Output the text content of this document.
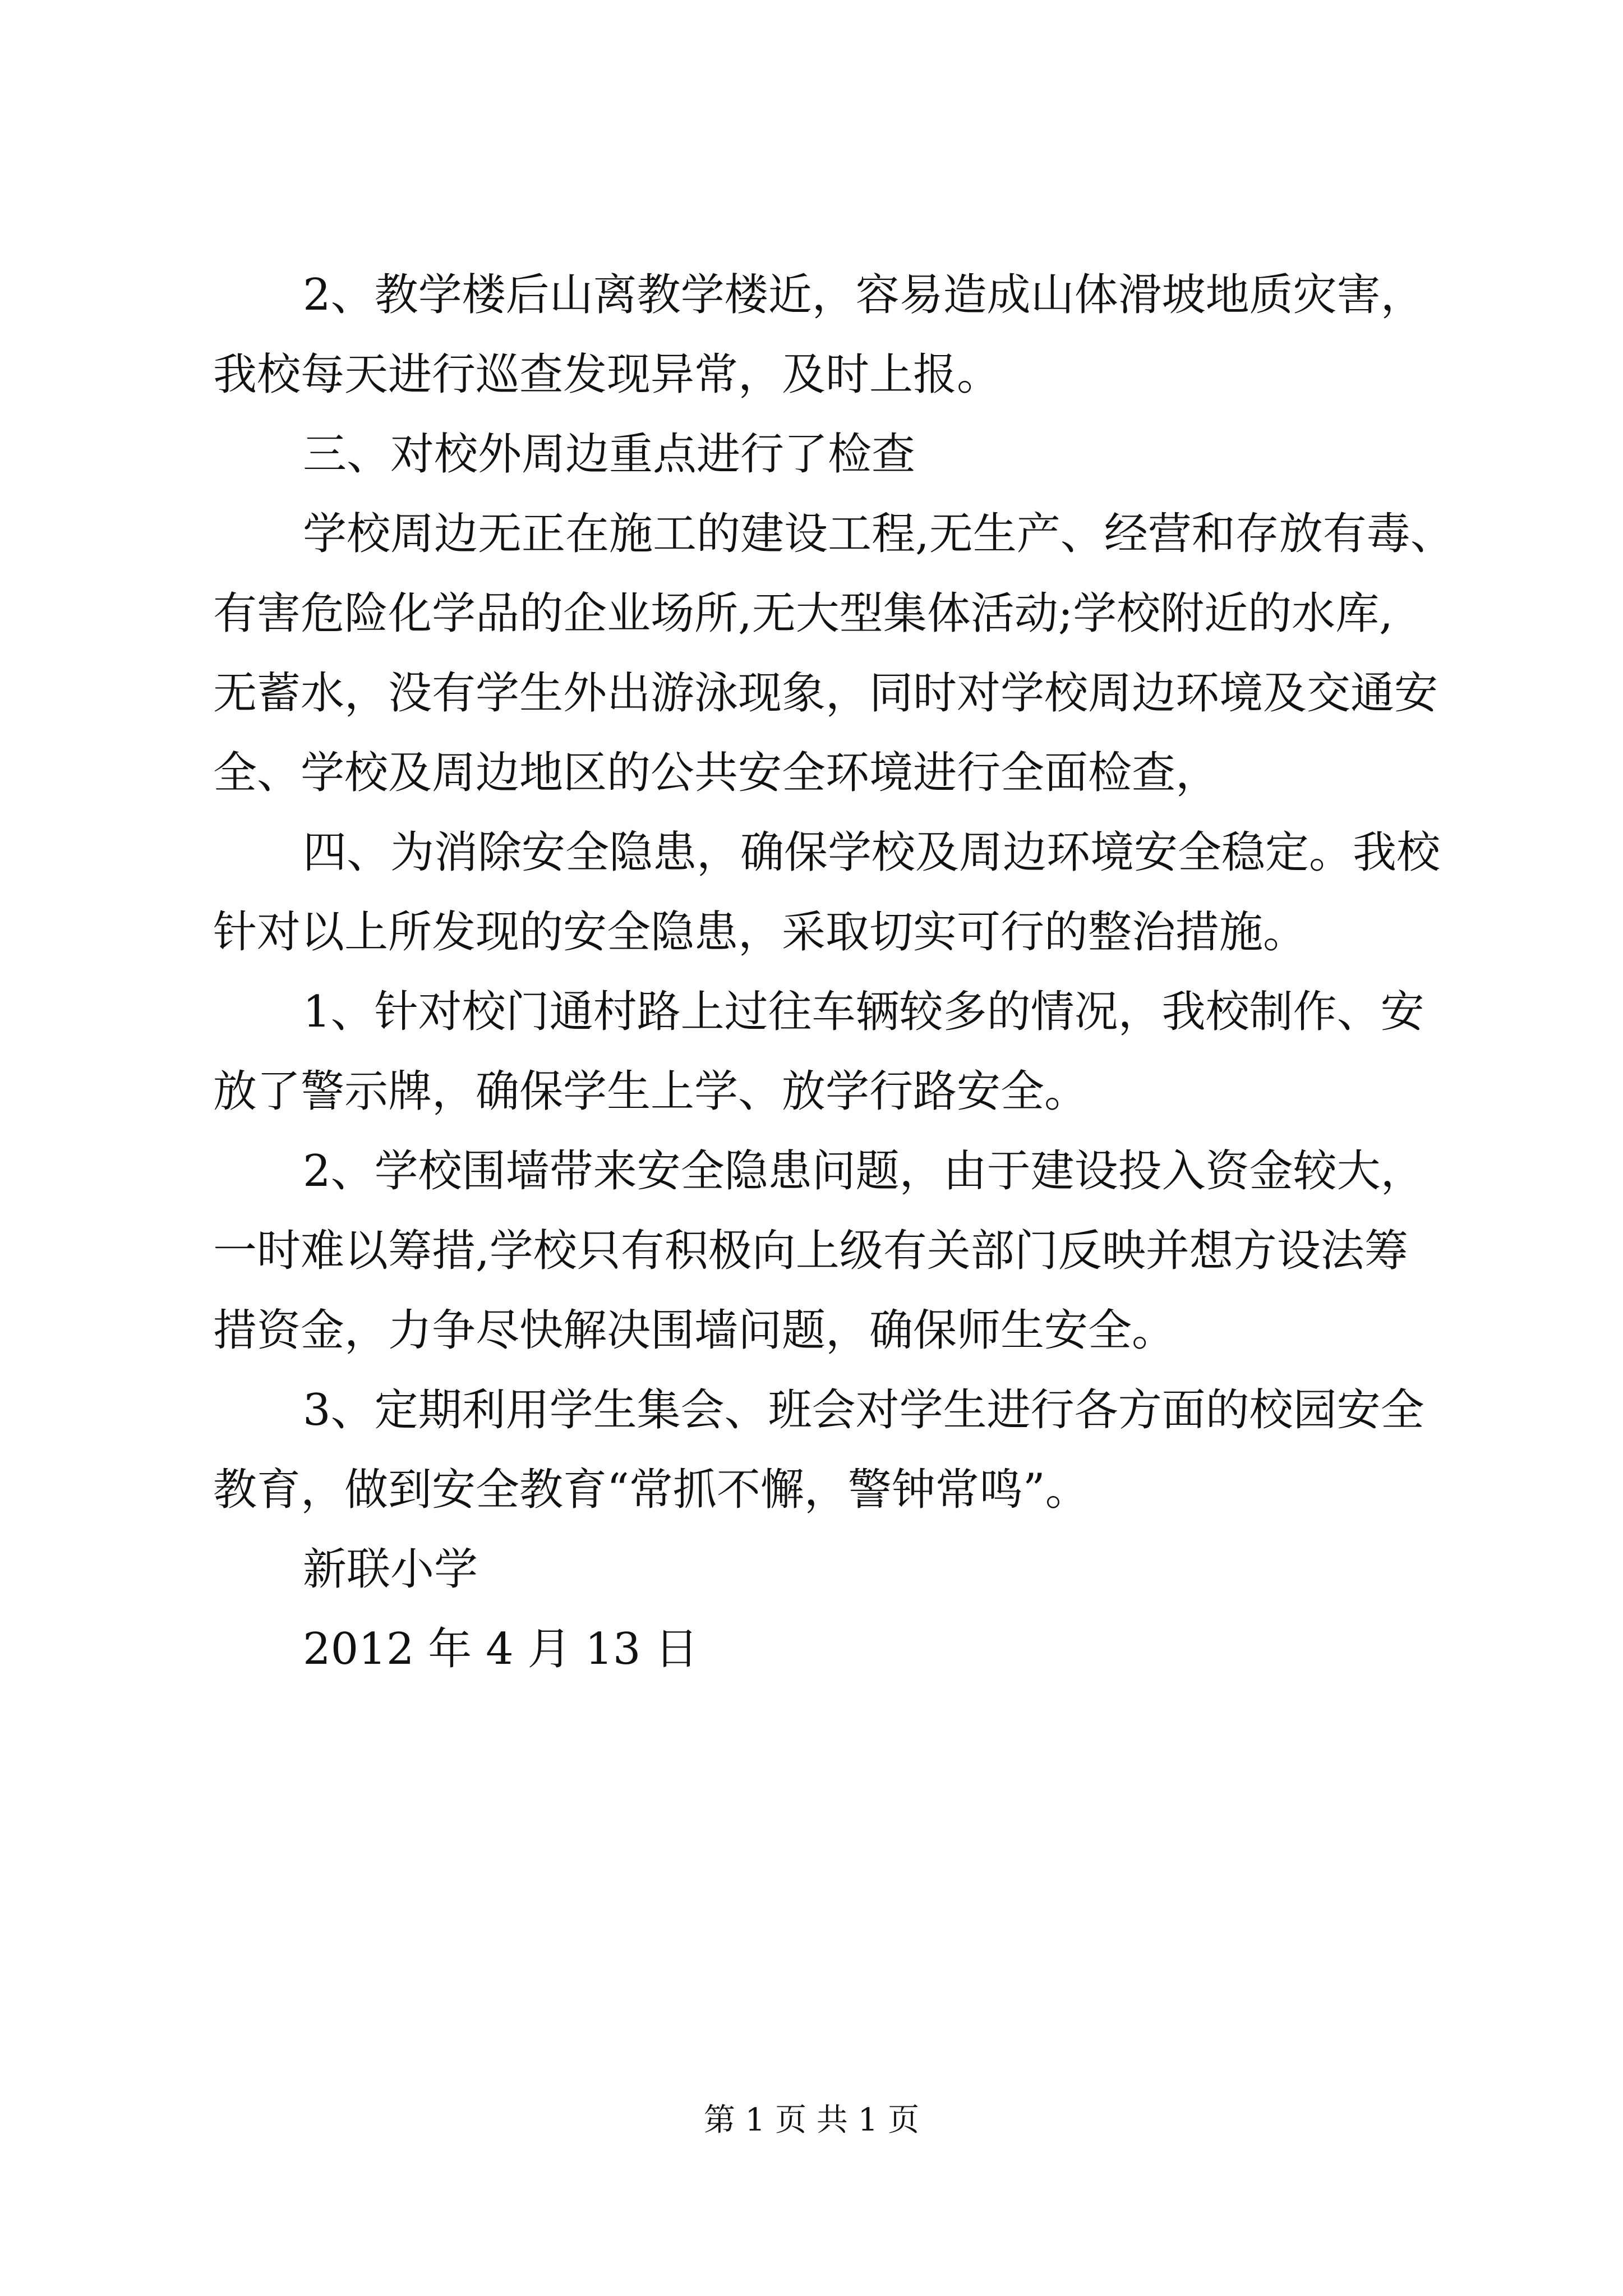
2、教学楼后山离教学楼近，容易造成山体滑坡地质灾害，
我校每天进行巡查发现异常，及时上报。
三、对校外周边重点进行了检查
学校周边无正在施工的建设工程,无生产、经营和存放有毒、
有害危险化学品的企业场所,无大型集体活动;学校附近的水库,
无蓄水，没有学生外出游泳现象，同时对学校周边环境及交通安
全、学校及周边地区的公共安全环境进行全面检查，
四、为消除安全隐患，确保学校及周边环境安全稳定。我校
针对以上所发现的安全隐患，采取切实可行的整治措施。
1、针对校门通村路上过往车辆较多的情况，我校制作、安
放了警示牌，确保学生上学、放学行路安全。
2、学校围墙带来安全隐患问题，由于建设投入资金较大，
一时难以筹措,学校只有积极向上级有关部门反映并想方设法筹
措资金，力争尽快解决围墙问题，确保师生安全。
3、定期利用学生集会、班会对学生进行各方面的校园安全
教育，做到安全教育“常抓不懈，警钟常鸣”。
新联小学
2012 年 4 月 13 日
第 1 页 共 1 页
